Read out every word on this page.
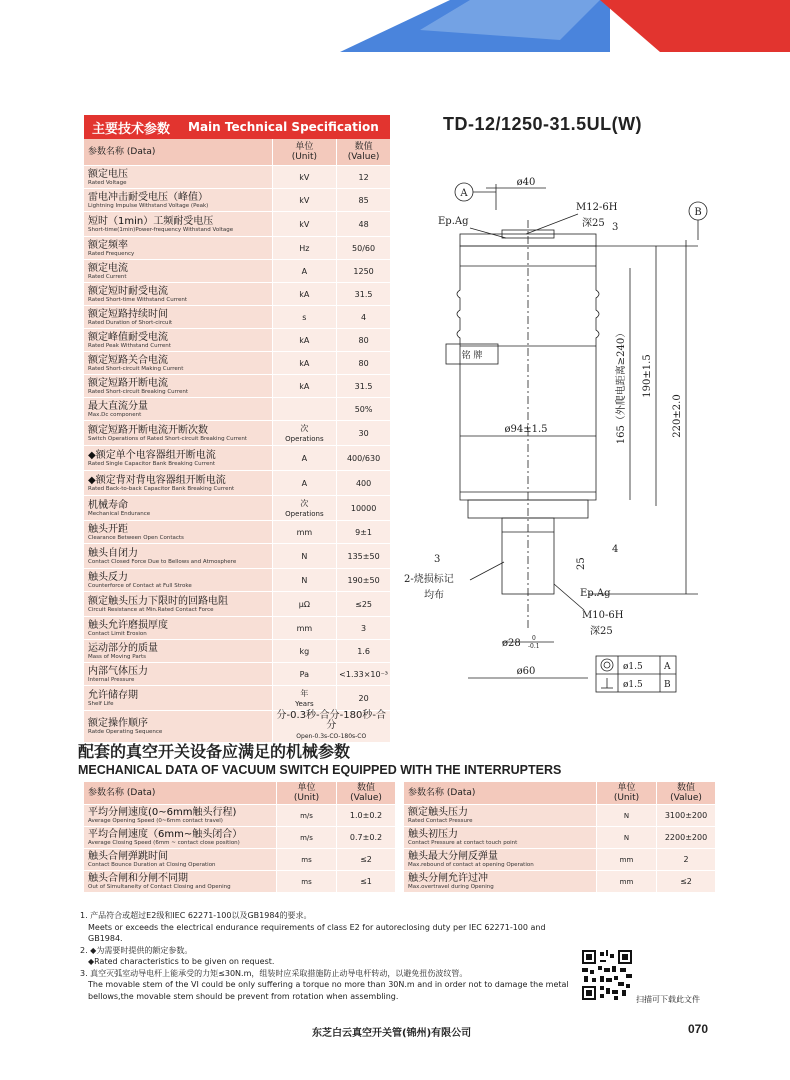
主要技术参数 Main Technical Specification
参数名称 (Data)	单位
(Unit)	数值
(Value)

额定电压
Rated Voltage	kV	12

雷电冲击耐受电压（峰值）
Lightning Impulse Withstand Voltage (Peak)	kV	85

短时（1min）工频耐受电压
Short-time(1min)Power-frequency Withstand Voltage	kV	48

额定频率
Rated Frequency	Hz	50/60

额定电流
Rated Current	A	1250

额定短时耐受电流
Rated Short-time Withstand Current	kA	31.5

额定短路持续时间
Rated Duration of Short-circuit	s	4

额定峰值耐受电流
Rated Peak Withstand Current	kA	80

额定短路关合电流
Rated Short-circuit Making Current	kA	80

额定短路开断电流
Rated Short-circuit Breaking Current	kA	31.5

最大直流分量
Max.Dc component		50%

额定短路开断电流开断次数
Switch Operations of Rated Short-circuit Breaking Current	次
Operations	30

◆额定单个电容器组开断电流
Rated Single Capacitor Bank Breaking Current	A	400/630

◆额定背对背电容器组开断电流
Rated Back-to-back Capacitor Bank Breaking Current	A	400

机械寿命
Mechanical Endurance	次
Operations	10000

触头开距
Clearance Between Open Contacts	mm	9±1

触头自闭力
Contact Closed Force Due to Bellows and Atmosphere	N	135±50

触头反力
Counterforce of Contact at Full Stroke	N	190±50

额定触头压力下限时的回路电阻
Circuit Resistance at Min.Rated Contact Force	μΩ	≤25

触头允许磨损厚度
Contact Limit Erosion	mm	3

运动部分的质量
Mass of Moving Parts	kg	1.6

内部气体压力
Internal Pressure	Pa	<1.33×10⁻³

允许储存期
Shelf Life	年
Years	20

额定操作顺序
Ratde Operating Sequence	分-0.3秒-合分-180秒-合分
Open-0.3s-CO-180s-CO	
TD-12/1250-31.5UL(W)
A
B
ø40
M12-6H
深25
Ep.Ag
3
铭 牌
ø94±1.5	165（外爬电距离≥240） 190±1.5
220±2.0
3
4
25
2-烧损标记
均布	Ep.Ag
M10-6H
深25
ø28 0
-0.1
ø60	ø1.5 A
ø1.5 B
配套的真空开关设备应满足的机械参数
MECHANICAL DATA OF VACUUM SWITCH EQUIPPED WITH THE INTERRUPTERS
参数名称 (Data)	单位
(Unit)	数值
(Value)

平均分闸速度(0~6mm触头行程)
Average Opening Speed (0~6mm contact travel)	m/s	1.0±0.2

平均合闸速度（6mm~触头闭合）
Average Closing Speed (6mm ~ contact close position)	m/s	0.7±0.2

触头合闸弹跳时间
Contact Bounce Duration at Closing Operation	ms	≤2

触头合闸和分闸不同期
Out of Simultaneity of Contact Closing and Opening	ms	≤1
参数名称 (Data)	单位
(Unit)	数值
(Value)

额定触头压力
Rated Contact Pressure	N	3100±200

触头初压力
Contact Pressure at contact touch point	N	2200±200

触头最大分闸反弹量
Max.rebound of contact at opening Operation	mm	2

触头分闸允许过冲
Max.overtravel during Opening	mm	≤2
1. 产品符合或超过E2级和IEC 62271-100以及GB1984的要求。
Meets or exceeds the electrical endurance requirements of class E2 for autoreclosing duty per IEC 62271-100 and GB1984.
2. ◆为需要时提供的额定参数。
◆Rated characteristics to be given on request.
3. 真空灭弧室动导电杆上能承受的力矩≤30N.m，组装时应采取措施防止动导电杆转动，以避免扭伤波纹管。
The movable stem of the VI could be only suffering a torque no more than 30N.m and in order not to damage the metal
bellows,the movable stem should be prevent from rotation when assembling.	扫描可下载此文件
东芝白云真空开关管(锦州)有限公司	070
